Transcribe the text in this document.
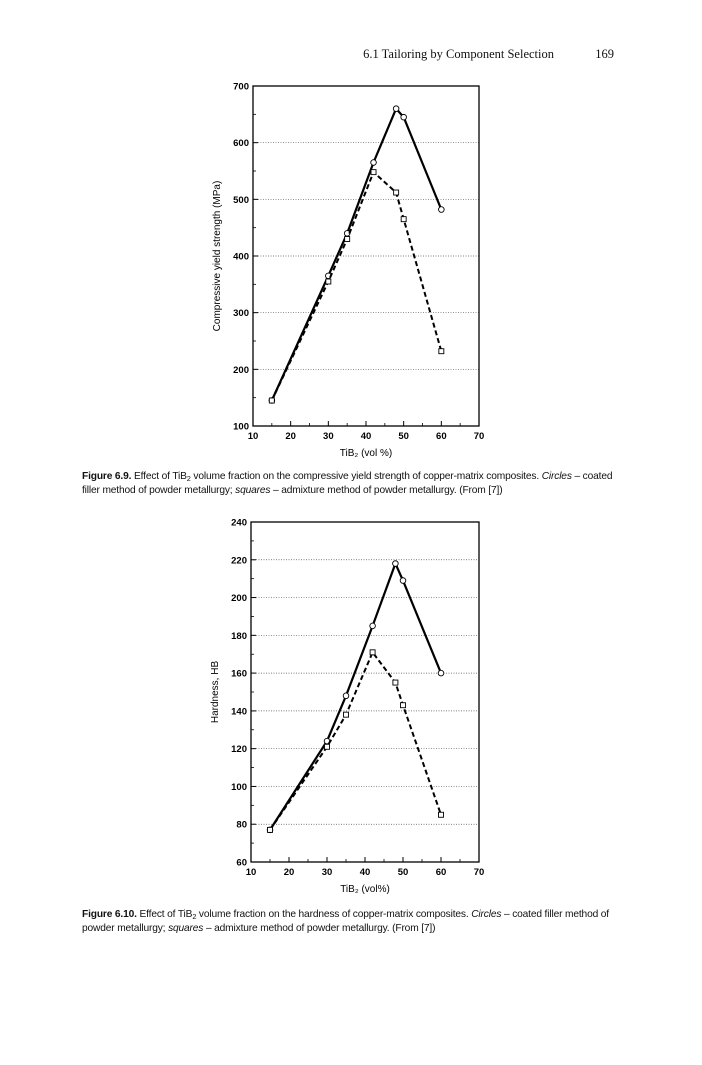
6.1 Tailoring by Component Selection	169
100
200
300
400
500
600
700
10	20	30	40	50	60	70
TiB₂ (vol %)
Compressive yield strength (MPa)
Figure 6.9. Effect of TiB$_2$ volume fraction on the compressive yield strength of copper-matrix composites. Circles – coated filler method of powder metallurgy; squares – admixture method of powder metallurgy. (From [7])
60
80
100
120
140
160
180
200
220
240
10	20	30	40	50	60	70
TiB₂ (vol%)
Hardness, HB
Figure 6.10. Effect of TiB$_2$ volume fraction on the hardness of copper-matrix composites. Circles – coated filler method of powder metallurgy; squares – admixture method of powder metallurgy. (From [7])
